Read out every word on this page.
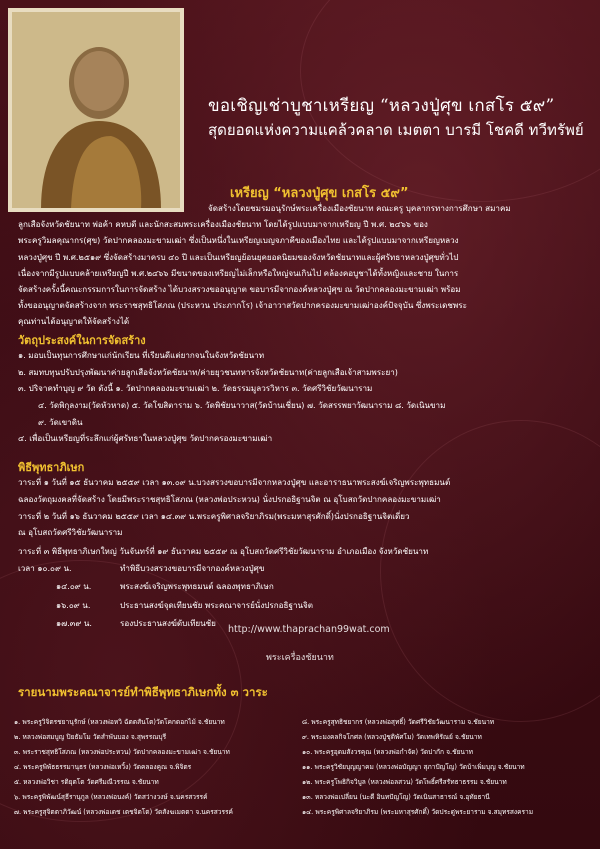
ขอเชิญเช่าบูชาเหรียญ “หลวงปู่ศุข เกสโร ๕๙”
สุดยอดแห่งความแคล้วคลาด เมตตา บารมี โชคดี ทวีทรัพย์
เหรียญ “หลวงปู่ศุข เกสโร ๕๙”
จัดสร้างโดยชมรมอนุรักษ์พระเครื่องเมืองชัยนาท คณะครู บุคลากรทางการศึกษา สมาคม
ลูกเสือจังหวัดชัยนาท พ่อค้า คหบดี และนักสะสมพระเครื่องเมืองชัยนาท โดยได้รูปแบบมาจากเหรียญ ปี พ.ศ. ๒๔๖๖ ของ
พระครูวิมลคุณากร(ศุข) วัดปากคลองมะขามเฒ่า ซึ่งเป็นหนึ่งในเหรียญเบญจภาคีของเมืองไทย และได้รูปแบบมาจากเหรียญหลวง
หลวงปู่ศุข ปี พ.ศ.๒๕๑๙ ซึ่งจัดสร้างมาครบ ๔๐ ปี และเป็นเหรียญย้อนยุคยอดนิยมของจังหวัดชัยนาทและผู้ศรัทธาหลวงปู่ศุขทั่วไป
เนื่องจากมีรูปแบบคล้ายเหรียญปี พ.ศ.๒๔๖๖ มีขนาดของเหรียญไม่เล็กหรือใหญ่จนเกินไป คล้องคอบูชาได้ทั้งหญิงและชาย ในการ
จัดสร้างครั้งนี้คณะกรรมการในการจัดสร้าง ได้บวงสรวงขออนุญาต ขอบารมีจากองค์หลวงปู่ศุข ณ วัดปากคลองมะขามเฒ่า พร้อม
ทั้งขออนุญาตจัดสร้างจาก พระราชสุทธิโสภณ (ประหวน ประภากโร) เจ้าอาวาสวัดปากครองมะขามเฒ่าองค์ปัจจุบัน ซึ่งพระเดชพระ
คุณท่านได้อนุญาตให้จัดสร้างได้
วัตถุประสงค์ในการจัดสร้าง
๑. มอบเป็นทุนการศึกษาแก่นักเรียน ที่เรียนดีแต่ยากจนในจังหวัดชัยนาท
๒. สมทบทุนปรับปรุงพัฒนาค่ายลูกเสือจังหวัดชัยนาท/ค่ายยุวชนทหารจังหวัดชัยนาท(ค่ายลูกเสือเจ้าสามพระยา)
๓. ปริจาคทำบุญ ๙ วัด ดังนี้ ๑. วัดปากคลองมะขามเฒ่า ๒. วัดธรรมมูลวรวิหาร ๓. วัดศรีวิชัยวัฒนาราม
๔. วัดพิกุลงาม(วัดหัวหาด) ๕. วัดโฆสิตาราม ๖. วัดพิชัยนาวาส(วัดบ้านเชี่ยน) ๗. วัดสรรพยาวัฒนาราม ๘. วัดเนินขาม
๙. วัดเขาดิน
๔. เพื่อเป็นเหรียญที่ระลึกแก่ผู้ศรัทธาในหลวงปู่ศุข วัดปากครองมะขามเฒ่า
พิธีพุทธาภิเษก
วาระที่ ๑ วันที่ ๑๕ ธันวาคม ๒๕๕๙ เวลา ๑๓.๐๙ น.บวงสรวงขอบารมีจากหลวงปู่ศุข และอาราธนาพระสงฆ์เจริญพระพุทธมนต์
ฉลองวัตถุมงคลที่จัดสร้าง โดยมีพระราชสุทธิโสภณ (หลวงพ่อประหวน) นั่งปรกอธิฐานจิต ณ อุโบสถวัดปากคลองมะขามเฒ่า
วาระที่ ๒ วันที่ ๑๖ ธันวาคม ๒๕๕๙ เวลา ๑๔.๓๙ น.พระครูพิศาลจริยาภิรม(พระมหาสุรศักดิ์)นั่งปรกอธิฐานจิตเดี่ยว
ณ อุโบสถวัดศรีวิชัยวัฒนาราม
วาระที่ ๓ พิธีพุทธาภิเษกใหญ่ วันจันทร์ที่ ๑๙ ธันวาคม ๒๕๕๙ ณ อุโบสถวัดศรีวิชัยวัฒนาราม อำเภอเมือง จังหวัดชัยนาท
เวลา ๑๐.๐๙ น.	ทำพิธีบวงสรวงขอบารมีจากองค์หลวงปู่ศุข
๑๔.๐๙ น.	พระสงฆ์เจริญพระพุทธมนต์ ฉลองพุทธาภิเษก
๑๖.๐๙ น.	ประธานสงฆ์จุดเทียนชัย พระคณาจารย์นั่งปรกอธิฐานจิต
๑๗.๓๙ น.	รองประธานสงฆ์ดับเทียนชัย
http://www.thaprachan99wat.com
พระเครื่องชัยนาท
รายนามพระคณาจารย์ทำพิธีพุทธาภิเษกทั้ง ๓ วาระ
๑. พระครูวิจิตรชยานุรักษ์ (หลวงพ่อหวิ ฉัตตสันโต)วัดโคกดอกไม้ จ.ชัยนาท
๒. หลวงพ่อสมบูญ ปิยธัมโม วัดสำพันบอง จ.สุพรรณบุรี
๓. พระราชสุทธิโสภณ (หลวงพ่อประหวน) วัดปากคลองมะขามเฒ่า จ.ชัยนาท
๔. พระครูพิพัธธรรมานุธร (หลวงพ่อเหวิ้ง) วัดคลองคูณ จ.พิจิตร
๕. หลวงพ่อวิชา รติยุตโต วัดศรีมณีวรรณ จ.ชัยนาท
๖. พระครูพิพัฒน์สุธีรานุกูล (หลวงพ่อนงค์) วัดสว่างวงษ์ จ.นครสวรรค์
๗. พระครูสุจิตตาภิวัฒน์ (หลวงพ่อเดช เตชจิตโต) วัดสังฆเมตตา จ.นครสวรรค์
๘. พระครูสุทธิชยากร (หลวงพ่อสุทธิ์) วัดศรีวิชัยวัฒนาราม จ.ชัยนาท
๙. พระมงคลกิจโกศล (หลวงปู่ชุติพัศโม) วัดเทพหิรัณย์ จ.ชัยนาท
๑๐. พระครูอุดมสังวรคุณ (หลวงพ่อกำจัด) วัดปากัก จ.ชัยนาท
๑๑. พระครูวิชัยบุญญาคม (หลวงพ่อบัญญา สุภาปัญโญ) วัดบ้าเพิ่มบุญ จ.ชัยนาท
๑๒. พระครูโพธิกิจวิบูล (หลวงพ่อลสวน) วัดโพธิ์ศรีสรัทธาธรรม จ.ชัยนาท
๑๓. หลวงพ่อเปลี่ยน (นะตี อินทปัญโญ) วัดเนินสาธารณ์ จ.อุทัยธานี
๑๔. พระครูพิศาลจริยาภิรม (พระมหาสุรศักดิ์) วัดประดู่พระยาราม จ.สมุทรสงคราม
